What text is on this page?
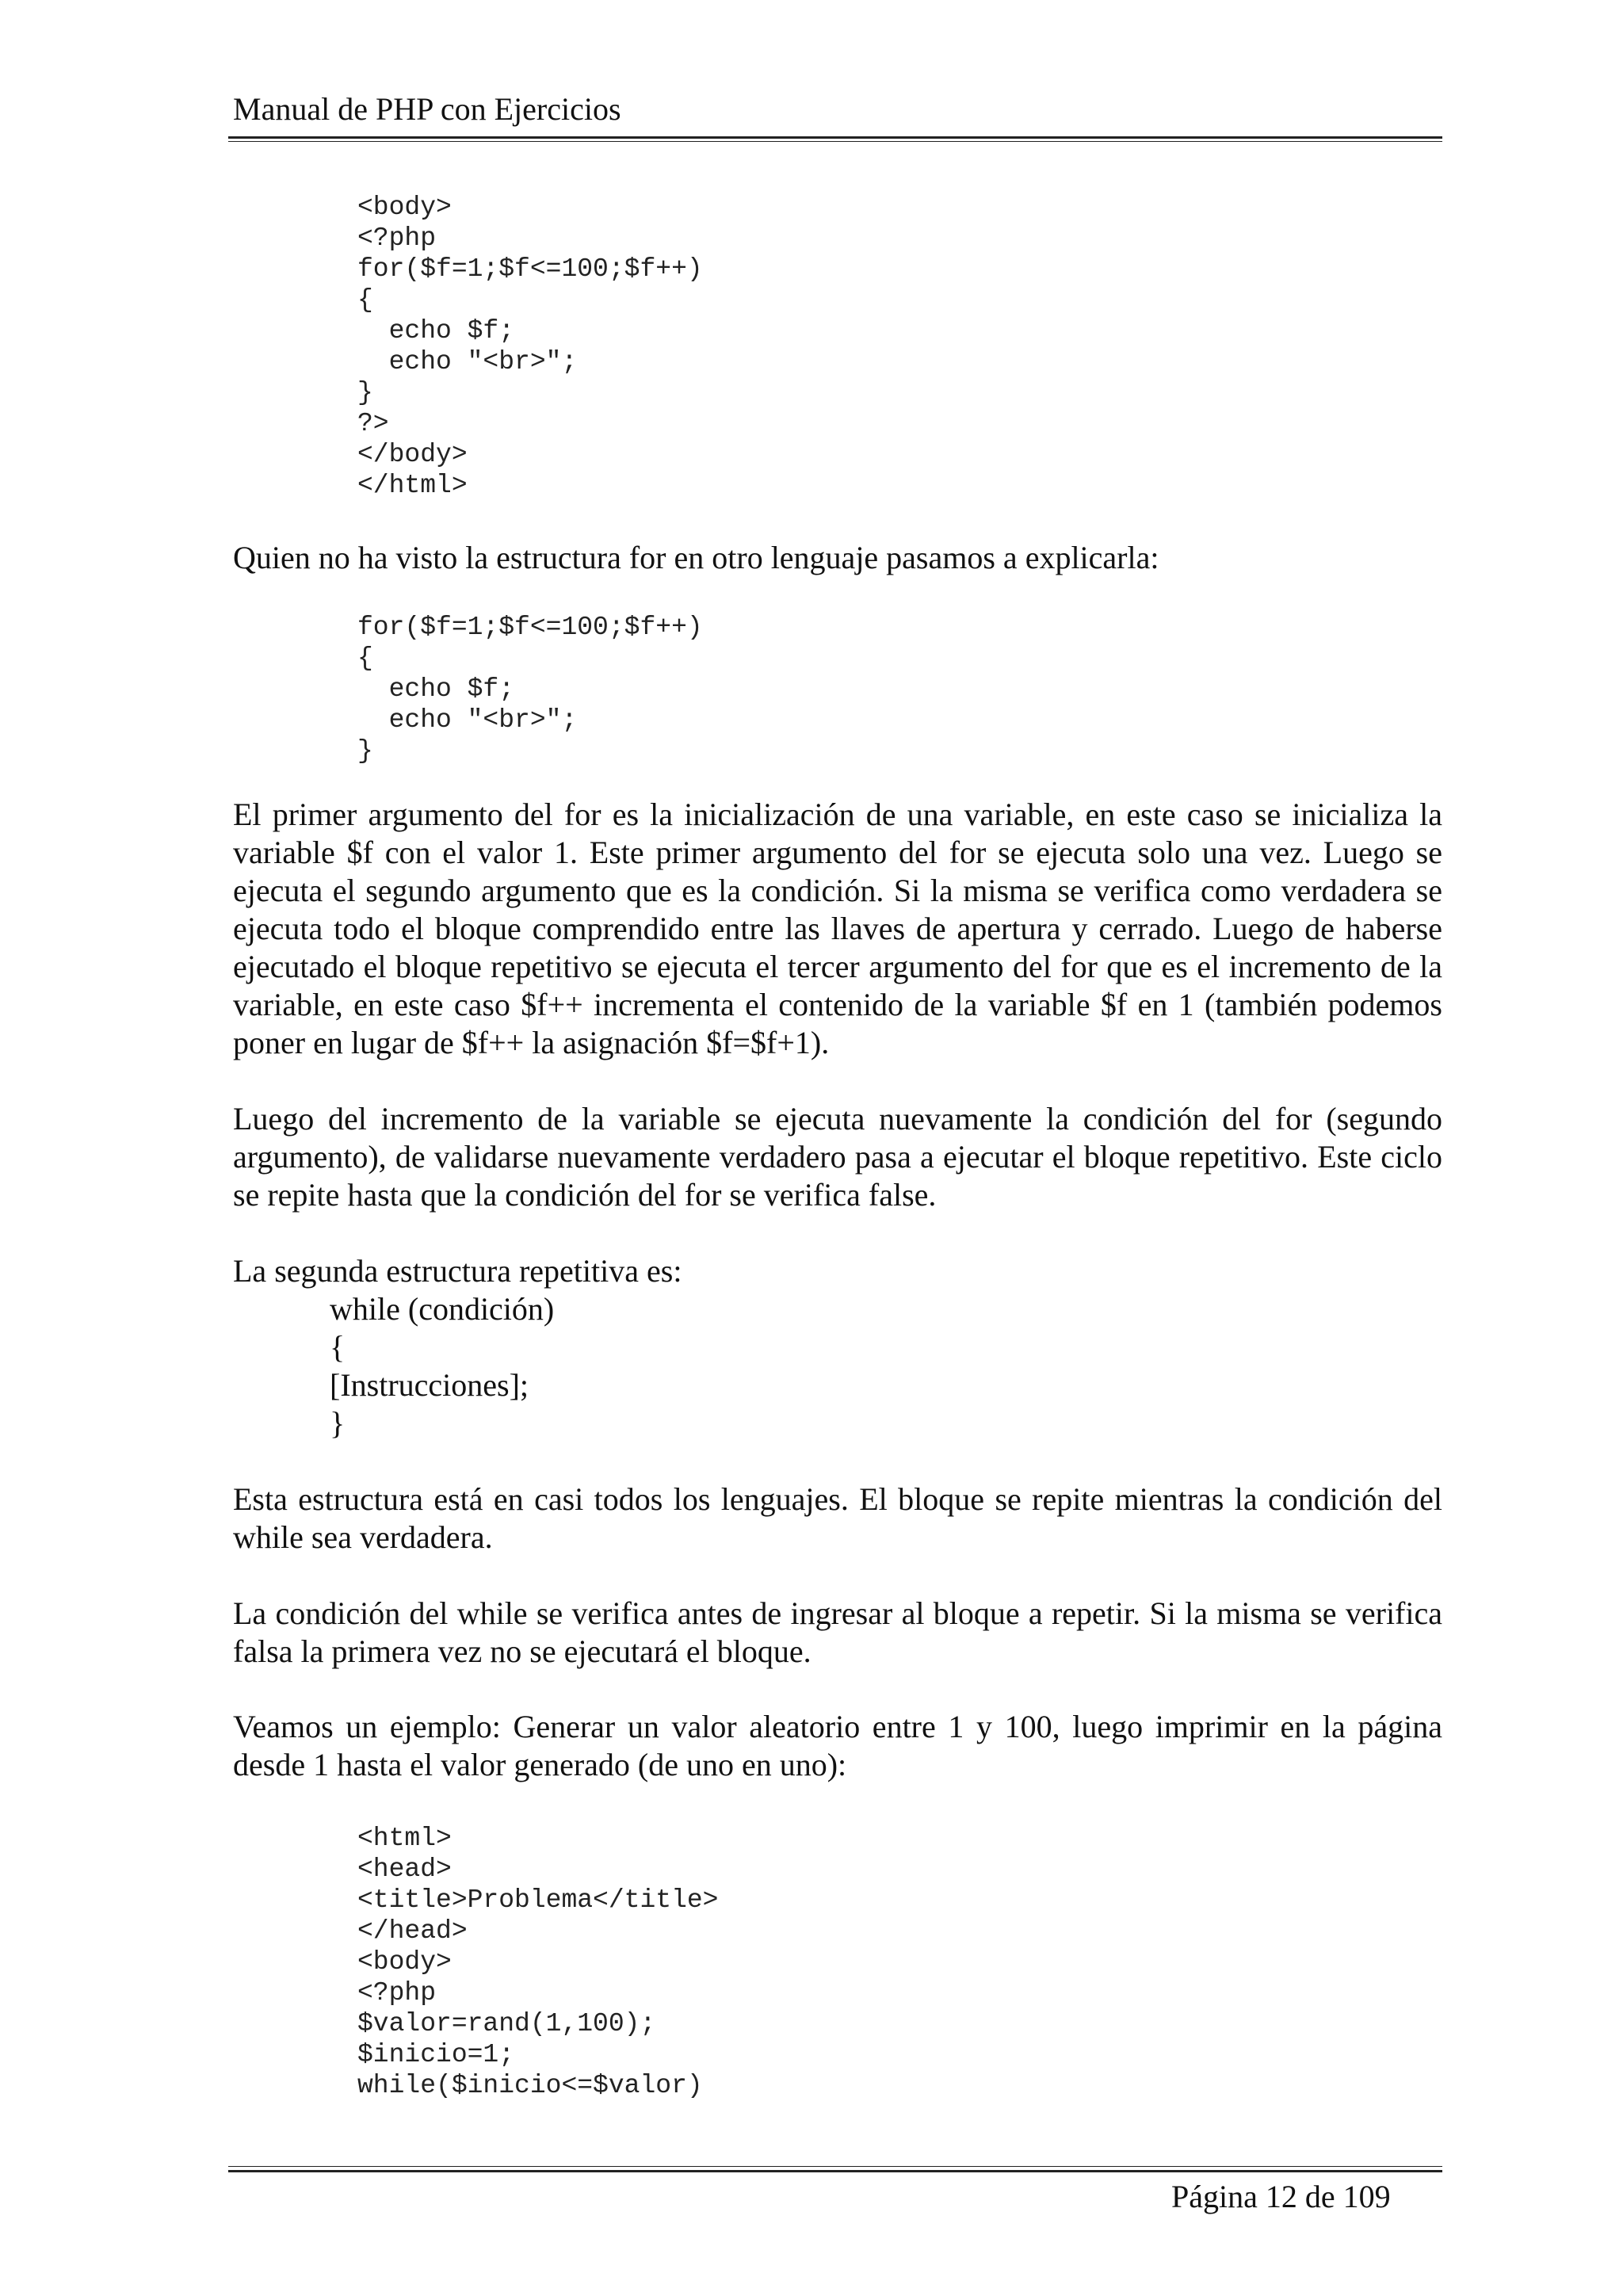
Manual de PHP con Ejercicios
<body>
<?php
for($f=1;$f<=100;$f++)
{
echo $f;
echo "<br>";
}
?>
</body>
</html>

Quien no ha visto la estructura for en otro lenguaje pasamos a explicarla:

for($f=1;$f<=100;$f++)
{
echo $f;
echo "<br>";
}

El primer argumento del for es la inicialización de una variable, en este caso se inicializa la variable $f con el valor 1. Este primer argumento del for se ejecuta solo una vez. Luego se ejecuta el segundo argumento que es la condición. Si la misma se verifica como verdadera se ejecuta todo el bloque comprendido entre las llaves de apertura y cerrado. Luego de haberse ejecutado el bloque repetitivo se ejecuta el tercer argumento del for que es el incremento de la variable, en este caso $f++ incrementa el contenido de la variable $f en 1 (también podemos poner en lugar de $f++ la asignación $f=$f+1).

Luego del incremento de la variable se ejecuta nuevamente la condición del for (segundo argumento), de validarse nuevamente verdadero pasa a ejecutar el bloque repetitivo. Este ciclo se repite hasta que la condición del for se verifica false.

La segunda estructura repetitiva es:

while (condición)
{
[Instrucciones];
}

Esta estructura está en casi todos los lenguajes. El bloque se repite mientras la condición del while sea verdadera.

La condición del while se verifica antes de ingresar al bloque a repetir. Si la misma se verifica falsa la primera vez no se ejecutará el bloque.

Veamos un ejemplo: Generar un valor aleatorio entre 1 y 100, luego imprimir en la página desde 1 hasta el valor generado (de uno en uno):

<html>
<head>
<title>Problema</title>
</head>
<body>
<?php
$valor=rand(1,100);
$inicio=1;
while($inicio<=$valor)
Página 12 de 109
